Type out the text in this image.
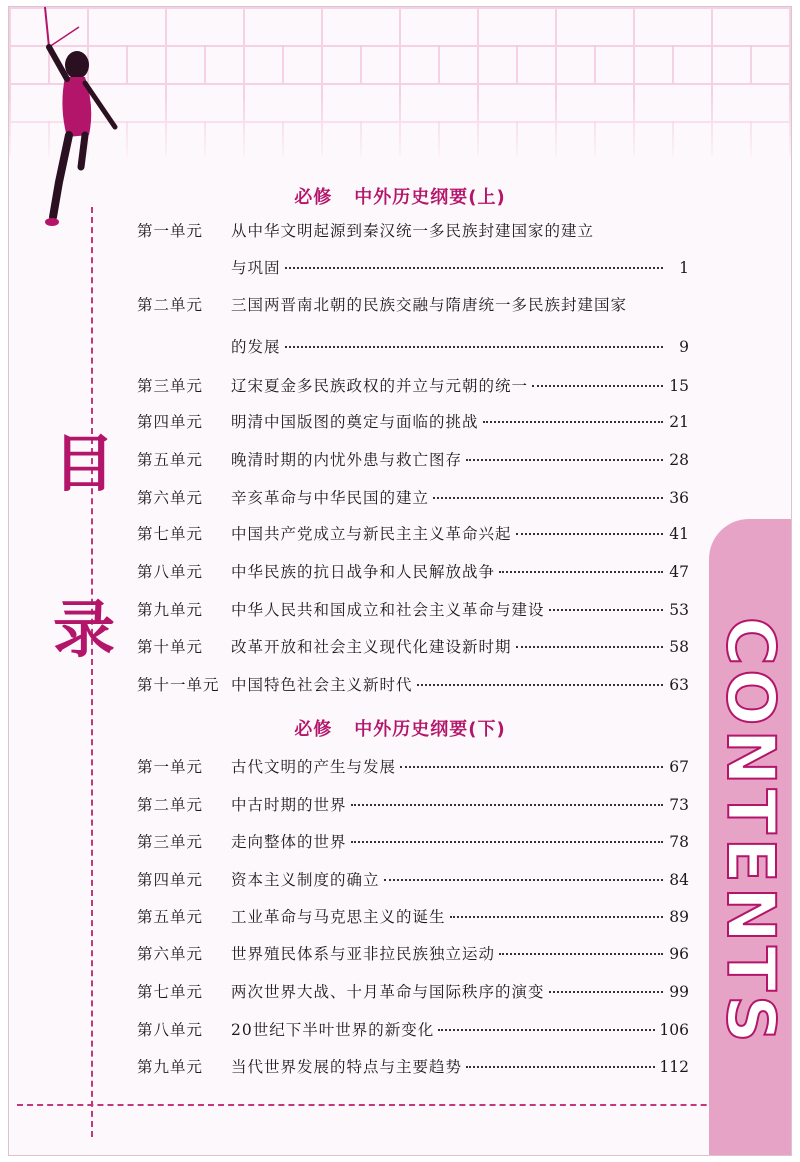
目
录	CONTENTS
必修 中外历史纲要(上)
第一单元	从中华文明起源到秦汉统一多民族封建国家的建立
与巩固	1
第二单元	三国两晋南北朝的民族交融与隋唐统一多民族封建国家
的发展	9
第三单元	辽宋夏金多民族政权的并立与元朝的统一	15
第四单元	明清中国版图的奠定与面临的挑战	21
第五单元	晚清时期的内忧外患与救亡图存	28
第六单元	辛亥革命与中华民国的建立	36
第七单元	中国共产党成立与新民主主义革命兴起	41
第八单元	中华民族的抗日战争和人民解放战争	47
第九单元	中华人民共和国成立和社会主义革命与建设	53
第十单元	改革开放和社会主义现代化建设新时期	58
第十一单元 中国特色社会主义新时代	63
必修 中外历史纲要(下)
第一单元	古代文明的产生与发展	67
第二单元	中古时期的世界	73
第三单元	走向整体的世界	78
第四单元	资本主义制度的确立	84
第五单元	工业革命与马克思主义的诞生	89
第六单元	世界殖民体系与亚非拉民族独立运动	96
第七单元	两次世界大战、十月革命与国际秩序的演变	99
第八单元	20世纪下半叶世界的新变化	106
第九单元	当代世界发展的特点与主要趋势	112
